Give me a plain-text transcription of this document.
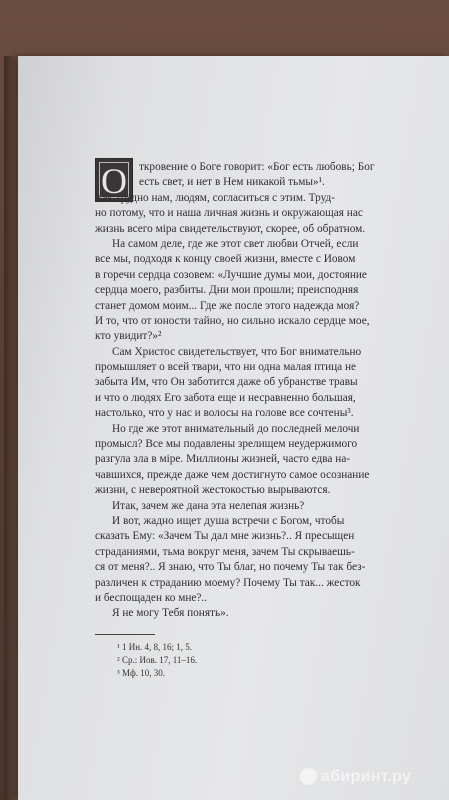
О	ткровение о Боге говорит: «Бог есть любовь; Бог
есть свет, и нет в Нем никакой тьмы»¹.
Как трудно нам, людям, согласиться с этим. Труд-
но потому, что и наша личная жизнь и окружающая нас
жизнь всего міра свидетельствуют, скорее, об обратном.
На самом деле, где же этот свет любви Отчей, если
все мы, подходя к концу своей жизни, вместе с Иовом
в горечи сердца созовем: «Лучшие думы мои, достояние
сердца моего, разбиты. Дни мои прошли; преисподняя
станет домом моим... Где же после этого надежда моя?
И то, что от юности тайно, но сильно искало сердце мое,
кто увидит?»²
Сам Христос свидетельствует, что Бог внимательно
промышляет о всей твари, что ни одна малая птица не
забыта Им, что Он заботится даже об убранстве травы
и что о людях Его забота еще и несравненно большая,
настолько, что у нас и волосы на голове все сочтены³.
Но где же этот внимательный до последней мелочи
промысл? Все мы подавлены зрелищем неудержимого
разгула зла в міре. Миллионы жизней, часто едва на-
чавшихся, прежде даже чем достигнуто самое осознание
жизни, с невероятной жестокостью вырываются.
Итак, зачем же дана эта нелепая жизнь?
И вот, жадно ищет душа встречи с Богом, чтобы
сказать Ему: «Зачем Ты дал мне жизнь?.. Я пресыщен
страданиями, тьма вокруг меня, зачем Ты скрываешь-
ся от меня?.. Я знаю, что Ты благ, но почему Ты так без-
различен к страданию моему? Почему Ты так... жесток
и беспощаден ко мне?..
Я не могу Тебя понять».
¹ 1 Ин. 4, 8, 16; 1, 5.
² Ср.: Иов. 17, 11–16.
³ Мф. 10, 30.
абиринт.ру
